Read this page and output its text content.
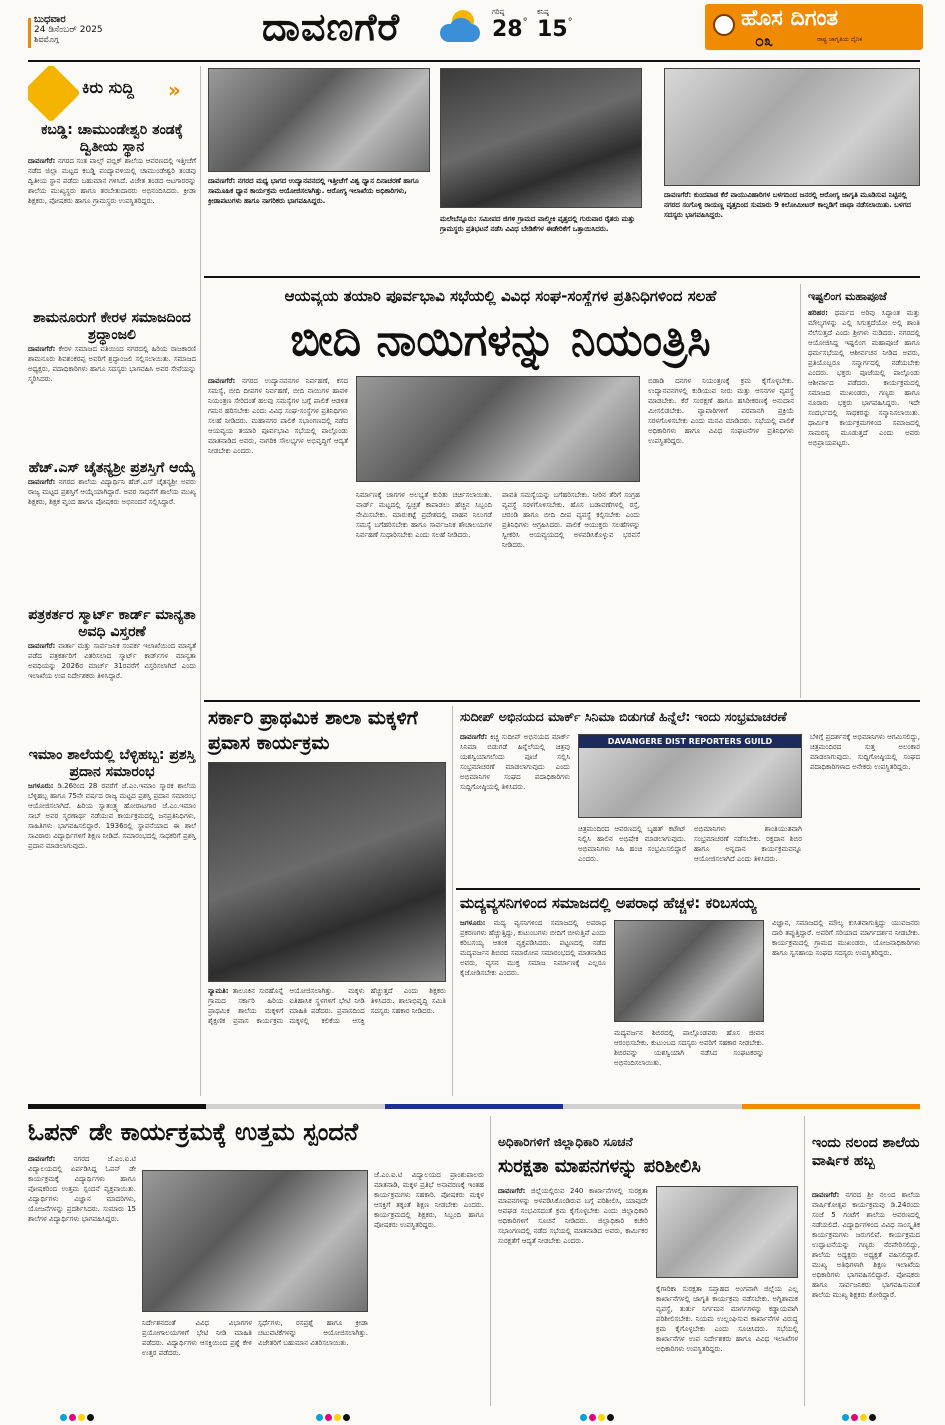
ಬುಧವಾರ
24 ಡಿಸೆಂಬರ್ 2025
ಶಿವಮೊಗ್ಗ	ದಾವಣಗೆರೆ	ಗರಿಷ್ಠ
28°
ಕನಿಷ್ಠ
15°	ಹೊಸ ದಿಗಂತ
೦೩	ರಾಷ್ಟ್ರ ಜಾಗೃತಿಯ ದೈನಿಕ
ಕಿರು ಸುದ್ದಿ »
ಕಬಡ್ಡಿ: ಚಾಮುಂಡೇಶ್ವರಿ ತಂಡಕ್ಕೆ ದ್ವಿತೀಯ ಸ್ಥಾನ
ದಾವಣಗೆರೆ: ನಗರದ ಸಂತ ಪಾಲ್ಸ್ ಪಬ್ಲಿಕ್ ಶಾಲೆಯ ಆವರಣದಲ್ಲಿ ಇತ್ತೀಚೆಗೆ ನಡೆದ ಜಿಲ್ಲಾ ಮಟ್ಟದ ಕಬಡ್ಡಿ ಪಂದ್ಯಾವಳಿಯಲ್ಲಿ ಚಾಮುಂಡೇಶ್ವರಿ ತಂಡವು ದ್ವಿತೀಯ ಸ್ಥಾನ ಪಡೆದು ಬಹುಮಾನ ಗಳಿಸಿದೆ. ವಿಜೇತ ತಂಡದ ಆಟಗಾರರನ್ನು ಶಾಲೆಯ ಮುಖ್ಯಸ್ಥರು ಹಾಗೂ ತರಬೇತುದಾರರು ಅಭಿನಂದಿಸಿದರು. ಕ್ರೀಡಾ ಶಿಕ್ಷಕರು, ಪೋಷಕರು ಹಾಗೂ ಗ್ರಾಮಸ್ಥರು ಉಪಸ್ಥಿತರಿದ್ದರು.
ಶಾಮನೂರುಗೆ ಕೇರಳ ಸಮಾಜದಿಂದ ಶ್ರದ್ಧಾಂಜಲಿ
ದಾವಣಗೆರೆ: ಕೇರಳ ಸಮಾಜದ ವತಿಯಿಂದ ನಗರದಲ್ಲಿ ಹಿರಿಯ ರಾಜಕಾರಣಿ ಶಾಮನೂರು ಶಿವಶಂಕರಪ್ಪ ಅವರಿಗೆ ಶ್ರದ್ಧಾಂಜಲಿ ಸಲ್ಲಿಸಲಾಯಿತು. ಸಮಾಜದ ಅಧ್ಯಕ್ಷರು, ಪದಾಧಿಕಾರಿಗಳು ಹಾಗೂ ಸದಸ್ಯರು ಭಾಗವಹಿಸಿ ಅವರ ಸೇವೆಯನ್ನು ಸ್ಮರಿಸಿದರು.
ಹೆಚ್.ಎಸ್ ಚೈತನ್ಯಶ್ರೀ ಪ್ರಶಸ್ತಿಗೆ ಆಯ್ಕೆ
ದಾವಣಗೆರೆ: ನಗರದ ಶಾಲೆಯ ವಿದ್ಯಾರ್ಥಿನಿ ಹೆಚ್.ಎಸ್ ಚೈತನ್ಯಶ್ರೀ ಅವರು ರಾಜ್ಯ ಮಟ್ಟದ ಪ್ರಶಸ್ತಿಗೆ ಆಯ್ಕೆಯಾಗಿದ್ದಾರೆ. ಅವರ ಸಾಧನೆಗೆ ಶಾಲೆಯ ಮುಖ್ಯ ಶಿಕ್ಷಕರು, ಶಿಕ್ಷಕ ವೃಂದ ಹಾಗೂ ಪೋಷಕರು ಅಭಿನಂದನೆ ಸಲ್ಲಿಸಿದ್ದಾರೆ.
ಪತ್ರಕರ್ತರ ಸ್ಮಾರ್ಟ್ ಕಾರ್ಡ್ ಮಾನ್ಯತಾ ಅವಧಿ ವಿಸ್ತರಣೆ
ದಾವಣಗೆರೆ: ವಾರ್ತಾ ಮತ್ತು ಸಾರ್ವಜನಿಕ ಸಂಪರ್ಕ ಇಲಾಖೆಯಿಂದ ಮಾನ್ಯತೆ ಪಡೆದ ಪತ್ರಕರ್ತರಿಗೆ ವಿತರಿಸಲಾದ ಸ್ಮಾರ್ಟ್ ಕಾರ್ಡ್‌ಗಳ ಮಾನ್ಯತಾ ಅವಧಿಯನ್ನು 2026ರ ಮಾರ್ಚ್ 31ರವರೆಗೆ ವಿಸ್ತರಿಸಲಾಗಿದೆ ಎಂದು ಇಲಾಖೆಯ ಉಪ ನಿರ್ದೇಶಕರು ತಿಳಿಸಿದ್ದಾರೆ.
ಇಮಾಂ ಶಾಲೆಯಲ್ಲಿ ಬೆಳ್ಳಿಹಬ್ಬ: ಪ್ರಶಸ್ತಿ ಪ್ರದಾನ ಸಮಾರಂಭ
ಜಗಳೂರು: ಡಿ.26ರಿಂದ 28 ರವರೆಗೆ ಜೆ.ಎಂ.ಇಮಾಂ ಸ್ಮಾರಕ ಶಾಲೆಯ ಬೆಳ್ಳಿಹಬ್ಬ ಹಾಗೂ 75ನೇ ವರ್ಷದ ರಾಜ್ಯ ಮಟ್ಟದ ಪ್ರಶಸ್ತಿ ಪ್ರದಾನ ಸಮಾರಂಭ ಆಯೋಜಿಸಲಾಗಿದೆ. ಹಿರಿಯ ಸ್ವಾತಂತ್ರ್ಯ ಹೋರಾಟಗಾರ ಜೆ.ಎಂ.ಇಮಾಂ ಸಾಬ್ ಅವರ ಸ್ಮರಣಾರ್ಥ ನಡೆಯುವ ಕಾರ್ಯಕ್ರಮದಲ್ಲಿ ಜನಪ್ರತಿನಿಧಿಗಳು, ಸಾಹಿತಿಗಳು ಭಾಗವಹಿಸಲಿದ್ದಾರೆ. 1936ರಲ್ಲಿ ಸ್ಥಾಪನೆಯಾದ ಈ ಶಾಲೆ ಸಾವಿರಾರು ವಿದ್ಯಾರ್ಥಿಗಳಿಗೆ ಶಿಕ್ಷಣ ನೀಡಿದೆ. ಸಮಾರಂಭದಲ್ಲಿ ಸಾಧಕರಿಗೆ ಪ್ರಶಸ್ತಿ ಪ್ರದಾನ ಮಾಡಲಾಗುವುದು.
ದಾವಣಗೆರೆ: ನಗರದ ಮಧ್ಯ ಭಾಗದ ಉದ್ಯಾನವನದಲ್ಲಿ ಇತ್ತೀಚೆಗೆ ವಿಶ್ವ ಧ್ಯಾನ ದಿನಾಚರಣೆ ಹಾಗೂ ಸಾಮೂಹಿಕ ಧ್ಯಾನ ಕಾರ್ಯಕ್ರಮ ಆಯೋಜಿಸಲಾಗಿತ್ತು. ಆರೋಗ್ಯ ಇಲಾಖೆಯ ಅಧಿಕಾರಿಗಳು, ಕ್ರೀಡಾಪಟುಗಳು ಹಾಗೂ ನಾಗರಿಕರು ಭಾಗವಹಿಸಿದ್ದರು.
ಮಲೇಬೆನ್ನೂರು: ಸಮೀಪದ ಜಿಗಳಿ ಗ್ರಾಮದ ವಾಲ್ಮೀಕಿ ವೃತ್ತದಲ್ಲಿ ಗುರುವಾರ ರೈತರು ಮತ್ತು ಗ್ರಾಮಸ್ಥರು ಪ್ರತಿಭಟನೆ ನಡೆಸಿ ವಿವಿಧ ಬೇಡಿಕೆಗಳ ಈಡೇರಿಕೆಗೆ ಒತ್ತಾಯಿಸಿದರು.
ದಾವಣಗೆರೆ: ಕುಂದವಾಡ ಕೆರೆ ವಾಯುವಿಹಾರಿಗಳ ಬಳಗದಿಂದ ಜನರಲ್ಲಿ ಆರೋಗ್ಯ ಜಾಗೃತಿ ಮೂಡಿಸುವ ನಿಟ್ಟಿನಲ್ಲಿ ನಗರದ ಸಂಗೊಳ್ಳಿ ರಾಯಣ್ಣ ವೃತ್ತದಿಂದ ಸುಮಾರು 9 ಕಿಲೋಮೀಟರ್ ಕಾಲ್ನಡಿಗೆ ಜಾಥಾ ನಡೆಸಲಾಯಿತು. ಬಳಗದ ಸದಸ್ಯರು ಭಾಗವಹಿಸಿದ್ದರು.
ಆಯವ್ಯಯ ತಯಾರಿ ಪೂರ್ವಭಾವಿ ಸಭೆಯಲ್ಲಿ ವಿವಿಧ ಸಂಘ-ಸಂಸ್ಥೆಗಳ ಪ್ರತಿನಿಧಿಗಳಿಂದ ಸಲಹೆ
ಬೀದಿ ನಾಯಿಗಳನ್ನು ನಿಯಂತ್ರಿಸಿ
ದಾವಣಗೆರೆ: ನಗರದ ಉದ್ಯಾನವನಗಳ ನಿರ್ವಹಣೆ, ಕಸದ ಸಮಸ್ಯೆ, ಬೀದಿ ದೀಪಗಳ ನಿರ್ವಹಣೆ, ಬೀದಿ ನಾಯಿಗಳ ಹಾವಳಿ ನಿಯಂತ್ರಣ ಸೇರಿದಂತೆ ಹಲವು ಸಮಸ್ಯೆಗಳ ಬಗ್ಗೆ ಪಾಲಿಕೆ ಆಡಳಿತ ಗಮನ ಹರಿಸಬೇಕು ಎಂದು ವಿವಿಧ ಸಂಘ-ಸಂಸ್ಥೆಗಳ ಪ್ರತಿನಿಧಿಗಳು ಸಲಹೆ ನೀಡಿದರು. ಮಹಾನಗರ ಪಾಲಿಕೆ ಸಭಾಂಗಣದಲ್ಲಿ ನಡೆದ ಆಯವ್ಯಯ ತಯಾರಿ ಪೂರ್ವಭಾವಿ ಸಭೆಯಲ್ಲಿ ಪಾಲ್ಗೊಂಡು ಮಾತನಾಡಿದ ಅವರು, ನಾಗರಿಕ ಸೌಲಭ್ಯಗಳ ಅಭಿವೃದ್ಧಿಗೆ ಆದ್ಯತೆ ನೀಡಬೇಕು ಎಂದರು.
ನಿರ್ಮಾಣಕ್ಕೆ ಜಾಗಗಳ ಅಲಭ್ಯತೆ ಕುರಿತು ಚರ್ಚಿಸಲಾಯಿತು. ವಾರ್ಡ್ ಮಟ್ಟದಲ್ಲಿ ಸ್ವಚ್ಛತೆ ಕಾಪಾಡಲು ಹೆಚ್ಚಿನ ಸಿಬ್ಬಂದಿ ನೇಮಿಸಬೇಕು. ಮಾರುಕಟ್ಟೆ ಪ್ರದೇಶದಲ್ಲಿ ವಾಹನ ನಿಲುಗಡೆ ಸಮಸ್ಯೆ ಬಗೆಹರಿಸಬೇಕು ಹಾಗೂ ಸಾರ್ವಜನಿಕ ಶೌಚಾಲಯಗಳ ನಿರ್ವಹಣೆ ಸುಧಾರಿಸಬೇಕು ಎಂದು ಸಲಹೆ ನೀಡಿದರು.
ಪಾವತಿ ಸಮಸ್ಯೆಯನ್ನು ಬಗೆಹರಿಸಬೇಕು. ನೀರಿನ ತೆರಿಗೆ ಸಂಗ್ರಹ ವ್ಯವಸ್ಥೆ ಸರಳಗೊಳಿಸಬೇಕು. ಹೊಸ ಬಡಾವಣೆಗಳಲ್ಲಿ ರಸ್ತೆ, ಚರಂಡಿ ಹಾಗೂ ಬೀದಿ ದೀಪ ವ್ಯವಸ್ಥೆ ಕಲ್ಪಿಸಬೇಕು ಎಂದು ಪ್ರತಿನಿಧಿಗಳು ಆಗ್ರಹಿಸಿದರು. ಪಾಲಿಕೆ ಆಯುಕ್ತರು ಸಲಹೆಗಳನ್ನು ಸ್ವೀಕರಿಸಿ ಆಯವ್ಯಯದಲ್ಲಿ ಅಳವಡಿಸಿಕೊಳ್ಳುವ ಭರವಸೆ ನೀಡಿದರು.
ಬಿಡಾಡಿ ದನಗಳ ನಿಯಂತ್ರಣಕ್ಕೆ ಕ್ರಮ ಕೈಗೊಳ್ಳಬೇಕು. ಉದ್ಯಾನವನಗಳಲ್ಲಿ ಕುಡಿಯುವ ನೀರು ಮತ್ತು ಆಸನಗಳ ವ್ಯವಸ್ಥೆ ಮಾಡಬೇಕು. ಕೆರೆ ಸಂರಕ್ಷಣೆ ಹಾಗೂ ಹಸಿರೀಕರಣಕ್ಕೆ ಅನುದಾನ ಮೀಸಲಿಡಬೇಕು. ವ್ಯಾಪಾರಿಗಳಿಗೆ ಪರವಾನಗಿ ಪ್ರಕ್ರಿಯೆ ಸರಳಗೊಳಿಸಬೇಕು ಎಂದು ಮನವಿ ಮಾಡಿದರು. ಸಭೆಯಲ್ಲಿ ಪಾಲಿಕೆ ಅಧಿಕಾರಿಗಳು ಹಾಗೂ ವಿವಿಧ ಸಂಘಟನೆಗಳ ಪ್ರತಿನಿಧಿಗಳು ಉಪಸ್ಥಿತರಿದ್ದರು.
ಇಷ್ಟಲಿಂಗ ಮಹಾಪೂಜೆ
ಹರಿಹರ: ಧರ್ಮದ ಅರಿವು ಸಿದ್ಧಾಂತ ಮತ್ತು ಮೌಲ್ಯಗಳನ್ನು ಎಲ್ಲಿ ಸಿಗುತ್ತದೆಯೋ ಅಲ್ಲಿ ಶಾಂತಿ ನೆಲೆಸುತ್ತದೆ ಎಂದು ಶ್ರೀಗಳು ನುಡಿದರು. ನಗರದಲ್ಲಿ ಆಯೋಜಿಸಿದ್ದ ಇಷ್ಟಲಿಂಗ ಮಹಾಪೂಜೆ ಹಾಗೂ ಧರ್ಮಸಭೆಯಲ್ಲಿ ಆಶೀರ್ವಚನ ನೀಡಿದ ಅವರು, ಪ್ರತಿಯೊಬ್ಬರೂ ಸನ್ಮಾರ್ಗದಲ್ಲಿ ನಡೆಯಬೇಕು ಎಂದರು. ಭಕ್ತರು ಪೂಜೆಯಲ್ಲಿ ಪಾಲ್ಗೊಂಡು ಆಶೀರ್ವಾದ ಪಡೆದರು. ಕಾರ್ಯಕ್ರಮದಲ್ಲಿ ಸಮಾಜದ ಮುಖಂಡರು, ಗಣ್ಯರು ಹಾಗೂ ನೂರಾರು ಭಕ್ತರು ಭಾಗವಹಿಸಿದ್ದರು. ಇದೇ ಸಂದರ್ಭದಲ್ಲಿ ಸಾಧಕರನ್ನು ಸನ್ಮಾನಿಸಲಾಯಿತು. ಧಾರ್ಮಿಕ ಕಾರ್ಯಕ್ರಮಗಳಿಂದ ಸಮಾಜದಲ್ಲಿ ಸಾಮರಸ್ಯ ಮೂಡುತ್ತದೆ ಎಂದು ಅವರು ಅಭಿಪ್ರಾಯಪಟ್ಟರು.
ಸರ್ಕಾರಿ ಪ್ರಾಥಮಿಕ ಶಾಲಾ ಮಕ್ಕಳಿಗೆ ಪ್ರವಾಸ ಕಾರ್ಯಕ್ರಮ
ನ್ಯಾಮತಿ: ತಾಲೂಕಿನ ಸುರಹೊನ್ನೆ ಗ್ರಾಮದ ಸರ್ಕಾರಿ ಹಿರಿಯ ಪ್ರಾಥಮಿಕ ಶಾಲೆಯ ಮಕ್ಕಳಿಗೆ ಶೈಕ್ಷಣಿಕ ಪ್ರವಾಸ ಕಾರ್ಯಕ್ರಮ ಆಯೋಜಿಸಲಾಗಿತ್ತು. ಮಕ್ಕಳು ಐತಿಹಾಸಿಕ ಸ್ಥಳಗಳಿಗೆ ಭೇಟಿ ನೀಡಿ ಮಾಹಿತಿ ಪಡೆದರು. ಪ್ರವಾಸದಿಂದ ಮಕ್ಕಳಲ್ಲಿ ಕಲಿಕೆಯ ಆಸಕ್ತಿ ಹೆಚ್ಚುತ್ತದೆ ಎಂದು ಶಿಕ್ಷಕರು ತಿಳಿಸಿದರು. ಶಾಲಾಭಿವೃದ್ಧಿ ಸಮಿತಿ ಸದಸ್ಯರು ಸಹಕಾರ ನೀಡಿದರು.
ಸುದೀಪ್ ಅಭಿನಯದ ಮಾರ್ಕ್ ಸಿನಿಮಾ ಬಿಡುಗಡೆ ಹಿನ್ನೆಲೆ: ಇಂದು ಸಂಭ್ರಮಾಚರಣೆ
ದಾವಣಗೆರೆ: ಕಿಚ್ಚ ಸುದೀಪ್ ಅಭಿನಯದ ಮಾರ್ಕ್ ಸಿನಿಮಾ ಬಿಡುಗಡೆ ಹಿನ್ನೆಲೆಯಲ್ಲಿ ಚಿತ್ರವು ಯಶಸ್ವಿಯಾಗಲೆಂದು ಪೂಜೆ ಸಲ್ಲಿಸಿ ಸಂಭ್ರಮಾಚರಣೆ ಮಾಡಲಾಗುವುದು ಎಂದು ಅಭಿಮಾನಿಗಳ ಸಂಘದ ಪದಾಧಿಕಾರಿಗಳು ಸುದ್ದಿಗೋಷ್ಠಿಯಲ್ಲಿ ತಿಳಿಸಿದರು.
DAVANGERE DIST REPORTERS GUILD
ಚಿತ್ರಮಂದಿರದ ಆವರಣದಲ್ಲಿ ಬೃಹತ್ ಕಟೌಟ್ ನಿಲ್ಲಿಸಿ ಹಾಲಿನ ಅಭಿಷೇಕ ಮಾಡಲಾಗುವುದು. ಅಭಿಮಾನಿಗಳು ಸಿಹಿ ಹಂಚಿ ಸಂಭ್ರಮಿಸಲಿದ್ದಾರೆ ಎಂದರು.
ಅಭಿಮಾನಿಗಳು ಶಾಂತಿಯುತವಾಗಿ ಸಂಭ್ರಮಾಚರಣೆ ನಡೆಸಬೇಕು. ರಕ್ತದಾನ ಶಿಬಿರ ಹಾಗೂ ಅನ್ನದಾನ ಕಾರ್ಯಕ್ರಮವನ್ನೂ ಆಯೋಜಿಸಲಾಗಿದೆ ಎಂದು ತಿಳಿಸಿದರು.
ಬೆಳಿಗ್ಗೆ ಪ್ರದರ್ಶನಕ್ಕೆ ಅಭಿಮಾನಿಗಳು ಆಗಮಿಸಲಿದ್ದು, ಚಿತ್ರಮಂದಿರದ ಸುತ್ತ ಅಲಂಕಾರ ಮಾಡಲಾಗುವುದು. ಸುದ್ದಿಗೋಷ್ಠಿಯಲ್ಲಿ ಸಂಘದ ಪದಾಧಿಕಾರಿಗಳಾದ ಅನೇಕರು ಉಪಸ್ಥಿತರಿದ್ದರು.
ಮದ್ಯವ್ಯಸನಿಗಳಿಂದ ಸಮಾಜದಲ್ಲಿ ಅಪರಾಧ ಹೆಚ್ಚಳ: ಕರಿಬಸಯ್ಯ
ಜಗಳೂರು: ಮದ್ಯ ವ್ಯಸನಿಗಳಿಂದ ಸಮಾಜದಲ್ಲಿ ಅಪರಾಧ ಪ್ರಕರಣಗಳು ಹೆಚ್ಚುತ್ತಿದ್ದು, ಕುಟುಂಬಗಳು ಬೀದಿಗೆ ಬೀಳುತ್ತಿವೆ ಎಂದು ಕರಿಬಸಯ್ಯ ಆತಂಕ ವ್ಯಕ್ತಪಡಿಸಿದರು. ಪಟ್ಟಣದಲ್ಲಿ ನಡೆದ ಮದ್ಯವರ್ಜನ ಶಿಬಿರದ ಸಮಾರೋಪ ಸಮಾರಂಭದಲ್ಲಿ ಮಾತನಾಡಿದ ಅವರು, ವ್ಯಸನ ಮುಕ್ತ ಸಮಾಜ ನಿರ್ಮಾಣಕ್ಕೆ ಎಲ್ಲರೂ ಕೈಜೋಡಿಸಬೇಕು ಎಂದರು.
ಮದ್ಯವರ್ಜನ ಶಿಬಿರದಲ್ಲಿ ಪಾಲ್ಗೊಂಡವರು ಹೊಸ ಜೀವನ ಆರಂಭಿಸಬೇಕು. ಕುಟುಂಬದ ಸದಸ್ಯರು ಅವರಿಗೆ ಸಹಕಾರ ನೀಡಬೇಕು. ಶಿಬಿರವನ್ನು ಯಶಸ್ವಿಯಾಗಿ ನಡೆಸಿದ ಸಂಘಟಕರನ್ನು ಅಭಿನಂದಿಸಲಾಯಿತು.
ವಿಜ್ಞಾನ, ಸಮಾಜದಲ್ಲಿ ಮೌಲ್ಯ ಕುಸಿತವಾಗುತ್ತಿದ್ದು ಯುವಜನರು ದಾರಿ ತಪ್ಪುತ್ತಿದ್ದಾರೆ. ಅವರಿಗೆ ಸರಿಯಾದ ಮಾರ್ಗದರ್ಶನ ನೀಡಬೇಕು. ಕಾರ್ಯಕ್ರಮದಲ್ಲಿ ಗ್ರಾಮದ ಮುಖಂಡರು, ಯೋಜನಾಧಿಕಾರಿಗಳು ಹಾಗೂ ಸ್ವಸಹಾಯ ಸಂಘದ ಸದಸ್ಯರು ಉಪಸ್ಥಿತರಿದ್ದರು.
ಓಪನ್ ಡೇ ಕಾರ್ಯಕ್ರಮಕ್ಕೆ ಉತ್ತಮ ಸ್ಪಂದನೆ
ದಾವಣಗೆರೆ:	ನಗರದ ಜೆ.ಎಂ.ಐ.ಟಿ ವಿದ್ಯಾಲಯದಲ್ಲಿ ಏರ್ಪಡಿಸಿದ್ದ ಓಪನ್ ಡೇ ಕಾರ್ಯಕ್ರಮಕ್ಕೆ ವಿದ್ಯಾರ್ಥಿಗಳು ಹಾಗೂ ಪೋಷಕರಿಂದ ಉತ್ತಮ ಸ್ಪಂದನೆ ವ್ಯಕ್ತವಾಯಿತು. ವಿದ್ಯಾರ್ಥಿಗಳು ವಿಜ್ಞಾನ ಮಾದರಿಗಳು, ಯೋಜನೆಗಳನ್ನು ಪ್ರದರ್ಶಿಸಿದರು. ಸುಮಾರು 15 ಶಾಲೆಗಳ ವಿದ್ಯಾರ್ಥಿಗಳು ಭಾಗವಹಿಸಿದ್ದರು.
ನಿರ್ದೇಶನದಂತೆ ವಿವಿಧ ವಿಭಾಗಗಳ ಪ್ರಯೋಗಾಲಯಗಳಿಗೆ ಭೇಟಿ ನೀಡಿ ಮಾಹಿತಿ ಪಡೆದರು. ವಿದ್ಯಾರ್ಥಿಗಳು ಆಸಕ್ತಿಯಿಂದ ಪ್ರಶ್ನೆ ಕೇಳಿ ಉತ್ತರ ಪಡೆದರು.
ಸ್ಪರ್ಧೆಗಳು, ರಸಪ್ರಶ್ನೆ ಹಾಗೂ ಕ್ರೀಡಾ ಚಟುವಟಿಕೆಗಳನ್ನು ಆಯೋಜಿಸಲಾಗಿತ್ತು. ವಿಜೇತರಿಗೆ ಬಹುಮಾನ ವಿತರಿಸಲಾಯಿತು.
ಜೆ.ಎಂ.ಐ.ಟಿ ವಿದ್ಯಾಲಯದ ಪ್ರಾಂಶುಪಾಲರು ಮಾತನಾಡಿ, ಮಕ್ಕಳ ಪ್ರತಿಭೆ ಅನಾವರಣಕ್ಕೆ ಇಂತಹ ಕಾರ್ಯಕ್ರಮಗಳು ಸಹಕಾರಿ. ಪೋಷಕರು ಮಕ್ಕಳ ಆಸಕ್ತಿಗೆ ತಕ್ಕಂತೆ ಶಿಕ್ಷಣ ನೀಡಬೇಕು ಎಂದರು. ಕಾರ್ಯಕ್ರಮದಲ್ಲಿ ಶಿಕ್ಷಕರು, ಸಿಬ್ಬಂದಿ ಹಾಗೂ ಪೋಷಕರು ಉಪಸ್ಥಿತರಿದ್ದರು.
ಅಧಿಕಾರಿಗಳಿಗೆ ಜಿಲ್ಲಾಧಿಕಾರಿ ಸೂಚನೆ
ಸುರಕ್ಷತಾ ಮಾಪನಗಳನ್ನು ಪರಿಶೀಲಿಸಿ
ದಾವಣಗೆರೆ: ಜಿಲ್ಲೆಯಲ್ಲಿರುವ 240 ಕಾರ್ಖಾನೆಗಳಲ್ಲಿ ಸುರಕ್ಷತಾ ಮಾಪನಗಳನ್ನು ಅಳವಡಿಸಿಕೊಂಡಿರುವ ಬಗ್ಗೆ ಪರಿಶೀಲಿಸಿ, ಯಾವುದೇ ಅವಘಡ ಸಂಭವಿಸದಂತೆ ಕ್ರಮ ಕೈಗೊಳ್ಳಬೇಕು ಎಂದು ಜಿಲ್ಲಾಧಿಕಾರಿ ಅಧಿಕಾರಿಗಳಿಗೆ ಸೂಚನೆ ನೀಡಿದರು. ಜಿಲ್ಲಾಧಿಕಾರಿ ಕಚೇರಿ ಸಭಾಂಗಣದಲ್ಲಿ ನಡೆದ ಸಭೆಯಲ್ಲಿ ಮಾತನಾಡಿದ ಅವರು, ಕಾರ್ಮಿಕರ ಸುರಕ್ಷತೆಗೆ ಆದ್ಯತೆ ನೀಡಬೇಕು ಎಂದರು.
ಕೈಗಾರಿಕಾ ಸುರಕ್ಷತಾ ಸಪ್ತಾಹದ ಅಂಗವಾಗಿ ಜಿಲ್ಲೆಯ ಎಲ್ಲ ಕಾರ್ಖಾನೆಗಳಲ್ಲಿ ಜಾಗೃತಿ ಕಾರ್ಯಕ್ರಮ ನಡೆಸಬೇಕು. ಅಗ್ನಿಶಾಮಕ ವ್ಯವಸ್ಥೆ, ತುರ್ತು ನಿರ್ಗಮನ ಮಾರ್ಗಗಳನ್ನು ಕಡ್ಡಾಯವಾಗಿ ಪರಿಶೀಲಿಸಬೇಕು. ನಿಯಮ ಉಲ್ಲಂಘಿಸುವ ಕಾರ್ಖಾನೆಗಳ ವಿರುದ್ಧ ಕ್ರಮ ಕೈಗೊಳ್ಳಬೇಕು ಎಂದು ಸೂಚಿಸಿದರು. ಸಭೆಯಲ್ಲಿ ಕಾರ್ಖಾನೆಗಳ ಉಪ ನಿರ್ದೇಶಕರು ಹಾಗೂ ವಿವಿಧ ಇಲಾಖೆಗಳ ಅಧಿಕಾರಿಗಳು ಉಪಸ್ಥಿತರಿದ್ದರು.
ಇಂದು ನಲಂದ ಶಾಲೆಯ ವಾರ್ಷಿಕ ಹಬ್ಬ
ದಾವಣಗೆರೆ: ನಗರದ ಶ್ರೀ ನಲಂದ ಶಾಲೆಯ ವಾರ್ಷಿಕೋತ್ಸವ ಕಾರ್ಯಕ್ರಮವು ಡಿ.24ರಂದು ಸಂಜೆ 5 ಗಂಟೆಗೆ ಶಾಲೆಯ ಆವರಣದಲ್ಲಿ ನಡೆಯಲಿದೆ. ವಿದ್ಯಾರ್ಥಿಗಳಿಂದ ವಿವಿಧ ಸಾಂಸ್ಕೃತಿಕ ಕಾರ್ಯಕ್ರಮಗಳು ಜರುಗಲಿವೆ. ಕಾರ್ಯಕ್ರಮದ ಉದ್ಘಾಟನೆಯನ್ನು ಗಣ್ಯರು ನೆರವೇರಿಸಲಿದ್ದು, ಶಾಲೆಯ ಅಧ್ಯಕ್ಷರು ಅಧ್ಯಕ್ಷತೆ ವಹಿಸಲಿದ್ದಾರೆ. ಮುಖ್ಯ ಅತಿಥಿಗಳಾಗಿ ಶಿಕ್ಷಣ ಇಲಾಖೆಯ ಅಧಿಕಾರಿಗಳು ಭಾಗವಹಿಸಲಿದ್ದಾರೆ. ಪೋಷಕರು ಹಾಗೂ ಸಾರ್ವಜನಿಕರು ಭಾಗವಹಿಸುವಂತೆ ಶಾಲೆಯ ಮುಖ್ಯ ಶಿಕ್ಷಕರು ಕೋರಿದ್ದಾರೆ.
